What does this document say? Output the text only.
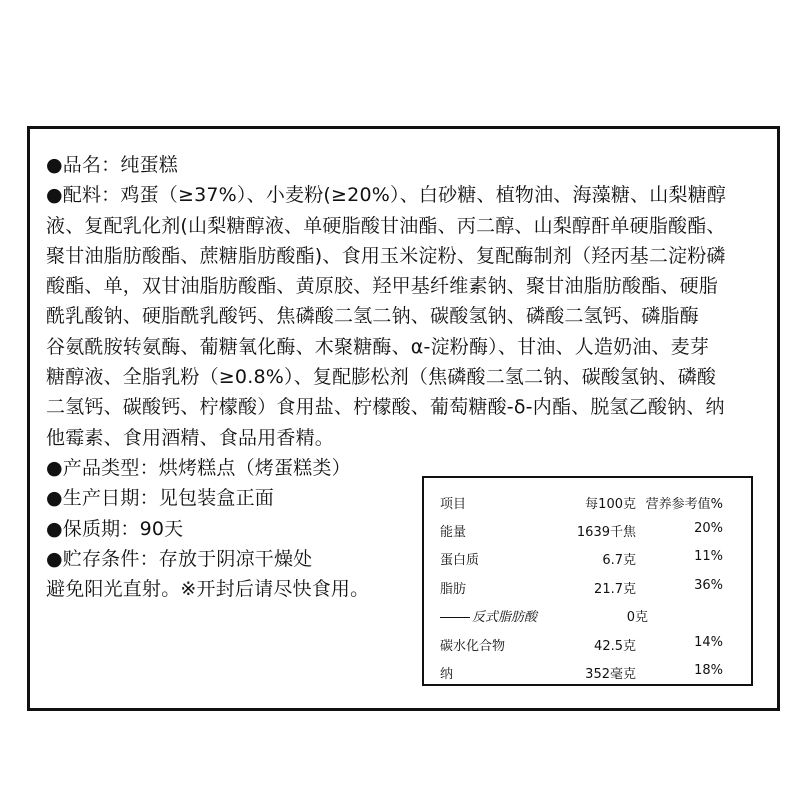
●品名：纯蛋糕
●配料：鸡蛋（≥37%）、小麦粉(≥20%）、白砂糖、植物油、海藻糖、山梨糖醇
液、复配乳化剂(山梨糖醇液、单硬脂酸甘油酯、丙二醇、山梨醇酐单硬脂酸酯、
聚甘油脂肪酸酯、蔗糖脂肪酸酯)、食用玉米淀粉、复配酶制剂（羟丙基二淀粉磷
酸酯、单，双甘油脂肪酸酯、黄原胶、羟甲基纤维素钠、聚甘油脂肪酸酯、硬脂
酰乳酸钠、硬脂酰乳酸钙、焦磷酸二氢二钠、碳酸氢钠、磷酸二氢钙、磷脂酶
谷氨酰胺转氨酶、葡糖氧化酶、木聚糖酶、α-淀粉酶）、甘油、人造奶油、麦芽
糖醇液、全脂乳粉（≥0.8%）、复配膨松剂（焦磷酸二氢二钠、碳酸氢钠、磷酸
二氢钙、碳酸钙、柠檬酸）食用盐、柠檬酸、葡萄糖酸-δ-内酯、脱氢乙酸钠、纳
他霉素、食用酒精、食品用香精。
●产品类型：烘烤糕点（烤蛋糕类）
●生产日期：见包装盒正面
●保质期：90天
●贮存条件：存放于阴凉干燥处
避免阳光直射。※开封后请尽快食用。
项目	每100克 营养参考值%
能量	1639千焦	20%
蛋白质	6.7克	11%
脂肪	21.7克	36%
反式脂肪酸	0克
碳水化合物	42.5克	14%
纳	352毫克	18%
